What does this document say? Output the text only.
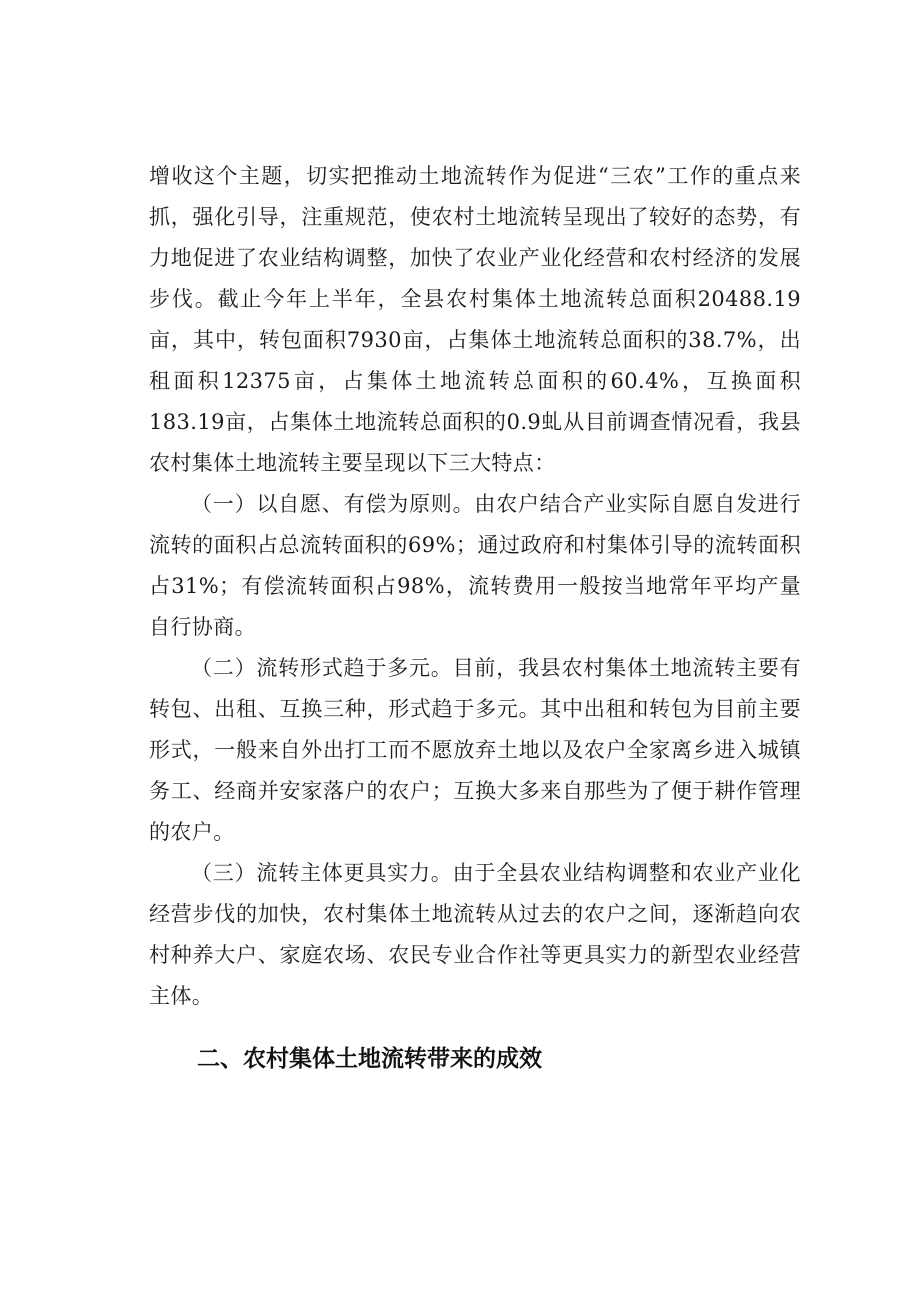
增收这个主题，切实把推动土地流转作为促进“三农”工作的重点来抓，强化引导，注重规范，使农村土地流转呈现出了较好的态势，有力地促进了农业结构调整，加快了农业产业化经营和农村经济的发展步伐。截止今年上半年，全县农村集体土地流转总面积20488.19亩，其中，转包面积7930亩，占集体土地流转总面积的38.7%，出租面积12375亩，占集体土地流转总面积的60.4%，互换面积183.19亩，占集体土地流转总面积的0.9虬从目前调查情况看，我县农村集体土地流转主要呈现以下三大特点：

（一）以自愿、有偿为原则。由农户结合产业实际自愿自发进行流转的面积占总流转面积的69%；通过政府和村集体引导的流转面积占31%；有偿流转面积占98%，流转费用一般按当地常年平均产量自行协商。

（二）流转形式趋于多元。目前，我县农村集体土地流转主要有转包、出租、互换三种，形式趋于多元。其中出租和转包为目前主要形式，一般来自外出打工而不愿放弃土地以及农户全家离乡进入城镇务工、经商并安家落户的农户；互换大多来自那些为了便于耕作管理的农户。

（三）流转主体更具实力。由于全县农业结构调整和农业产业化经营步伐的加快，农村集体土地流转从过去的农户之间，逐渐趋向农村种养大户、家庭农场、农民专业合作社等更具实力的新型农业经营主体。

二、农村集体土地流转带来的成效
